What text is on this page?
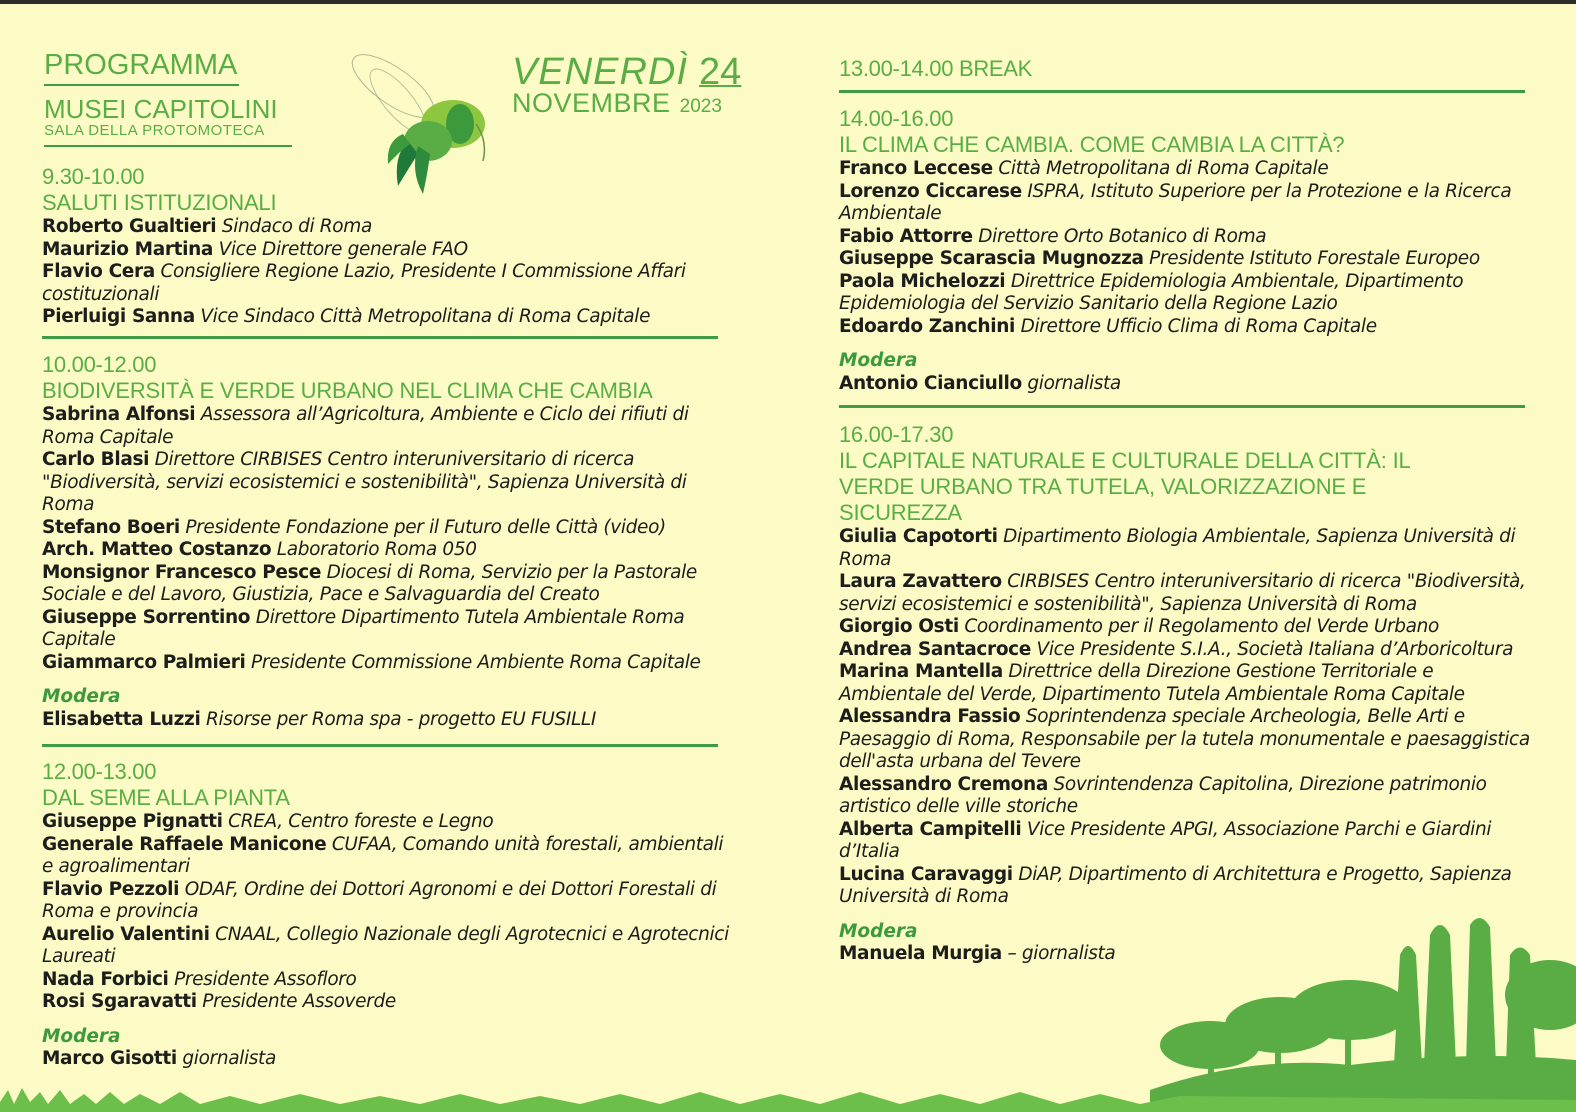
PROGRAMMA
MUSEI CAPITOLINI
SALA DELLA PROTOMOTECA
VENERDÌ 24
NOVEMBRE 2023
9.30-10.00
SALUTI ISTITUZIONALI
Roberto Gualtieri Sindaco di Roma
Maurizio Martina Vice Direttore generale FAO
Flavio Cera Consigliere Regione Lazio, Presidente I Commissione Affari costituzionali
Pierluigi Sanna Vice Sindaco Città Metropolitana di Roma Capitale
10.00-12.00
BIODIVERSITÀ E VERDE URBANO NEL CLIMA CHE CAMBIA
Sabrina Alfonsi Assessora all’Agricoltura, Ambiente e Ciclo dei rifiuti di Roma Capitale
Carlo Blasi Direttore CIRBISES Centro interuniversitario di ricerca "Biodiversità, servizi ecosistemici e sostenibilità", Sapienza Università di Roma
Stefano Boeri Presidente Fondazione per il Futuro delle Città (video)
Arch. Matteo Costanzo Laboratorio Roma 050
Monsignor Francesco Pesce Diocesi di Roma, Servizio per la Pastorale Sociale e del Lavoro, Giustizia, Pace e Salvaguardia del Creato
Giuseppe Sorrentino Direttore Dipartimento Tutela Ambientale Roma Capitale
Giammarco Palmieri Presidente Commissione Ambiente Roma Capitale
Modera
Elisabetta Luzzi Risorse per Roma spa - progetto EU FUSILLI
12.00-13.00
DAL SEME ALLA PIANTA
Giuseppe Pignatti CREA, Centro foreste e Legno
Generale Raffaele Manicone CUFAA, Comando unità forestali, ambientali e agroalimentari
Flavio Pezzoli ODAF, Ordine dei Dottori Agronomi e dei Dottori Forestali di Roma e provincia
Aurelio Valentini CNAAL, Collegio Nazionale degli Agrotecnici e Agrotecnici Laureati
Nada Forbici Presidente Assofloro
Rosi Sgaravatti Presidente Assoverde
Modera
Marco Gisotti giornalista
13.00-14.00 BREAK
14.00-16.00
IL CLIMA CHE CAMBIA. COME CAMBIA LA CITTÀ?
Franco Leccese Città Metropolitana di Roma Capitale
Lorenzo Ciccarese ISPRA, Istituto Superiore per la Protezione e la Ricerca Ambientale
Fabio Attorre Direttore Orto Botanico di Roma
Giuseppe Scarascia Mugnozza Presidente Istituto Forestale Europeo
Paola Michelozzi Direttrice Epidemiologia Ambientale, Dipartimento Epidemiologia del Servizio Sanitario della Regione Lazio
Edoardo Zanchini Direttore Ufficio Clima di Roma Capitale
Modera
Antonio Cianciullo giornalista
16.00-17.30
IL CAPITALE NATURALE E CULTURALE DELLA CITTÀ: IL VERDE URBANO TRA TUTELA, VALORIZZAZIONE E SICUREZZA
Giulia Capotorti Dipartimento Biologia Ambientale, Sapienza Università di Roma
Laura Zavattero CIRBISES Centro interuniversitario di ricerca "Biodiversità, servizi ecosistemici e sostenibilità", Sapienza Università di Roma
Giorgio Osti Coordinamento per il Regolamento del Verde Urbano
Andrea Santacroce Vice Presidente S.I.A., Società Italiana d’Arboricoltura
Marina Mantella Direttrice della Direzione Gestione Territoriale e Ambientale del Verde, Dipartimento Tutela Ambientale Roma Capitale
Alessandra Fassio Soprintendenza speciale Archeologia, Belle Arti e Paesaggio di Roma, Responsabile per la tutela monumentale e paesaggistica dell'asta urbana del Tevere
Alessandro Cremona Sovrintendenza Capitolina, Direzione patrimonio artistico delle ville storiche
Alberta Campitelli Vice Presidente APGI, Associazione Parchi e Giardini d’Italia
Lucina Caravaggi DiAP, Dipartimento di Architettura e Progetto, Sapienza Università di Roma
Modera
Manuela Murgia – giornalista
